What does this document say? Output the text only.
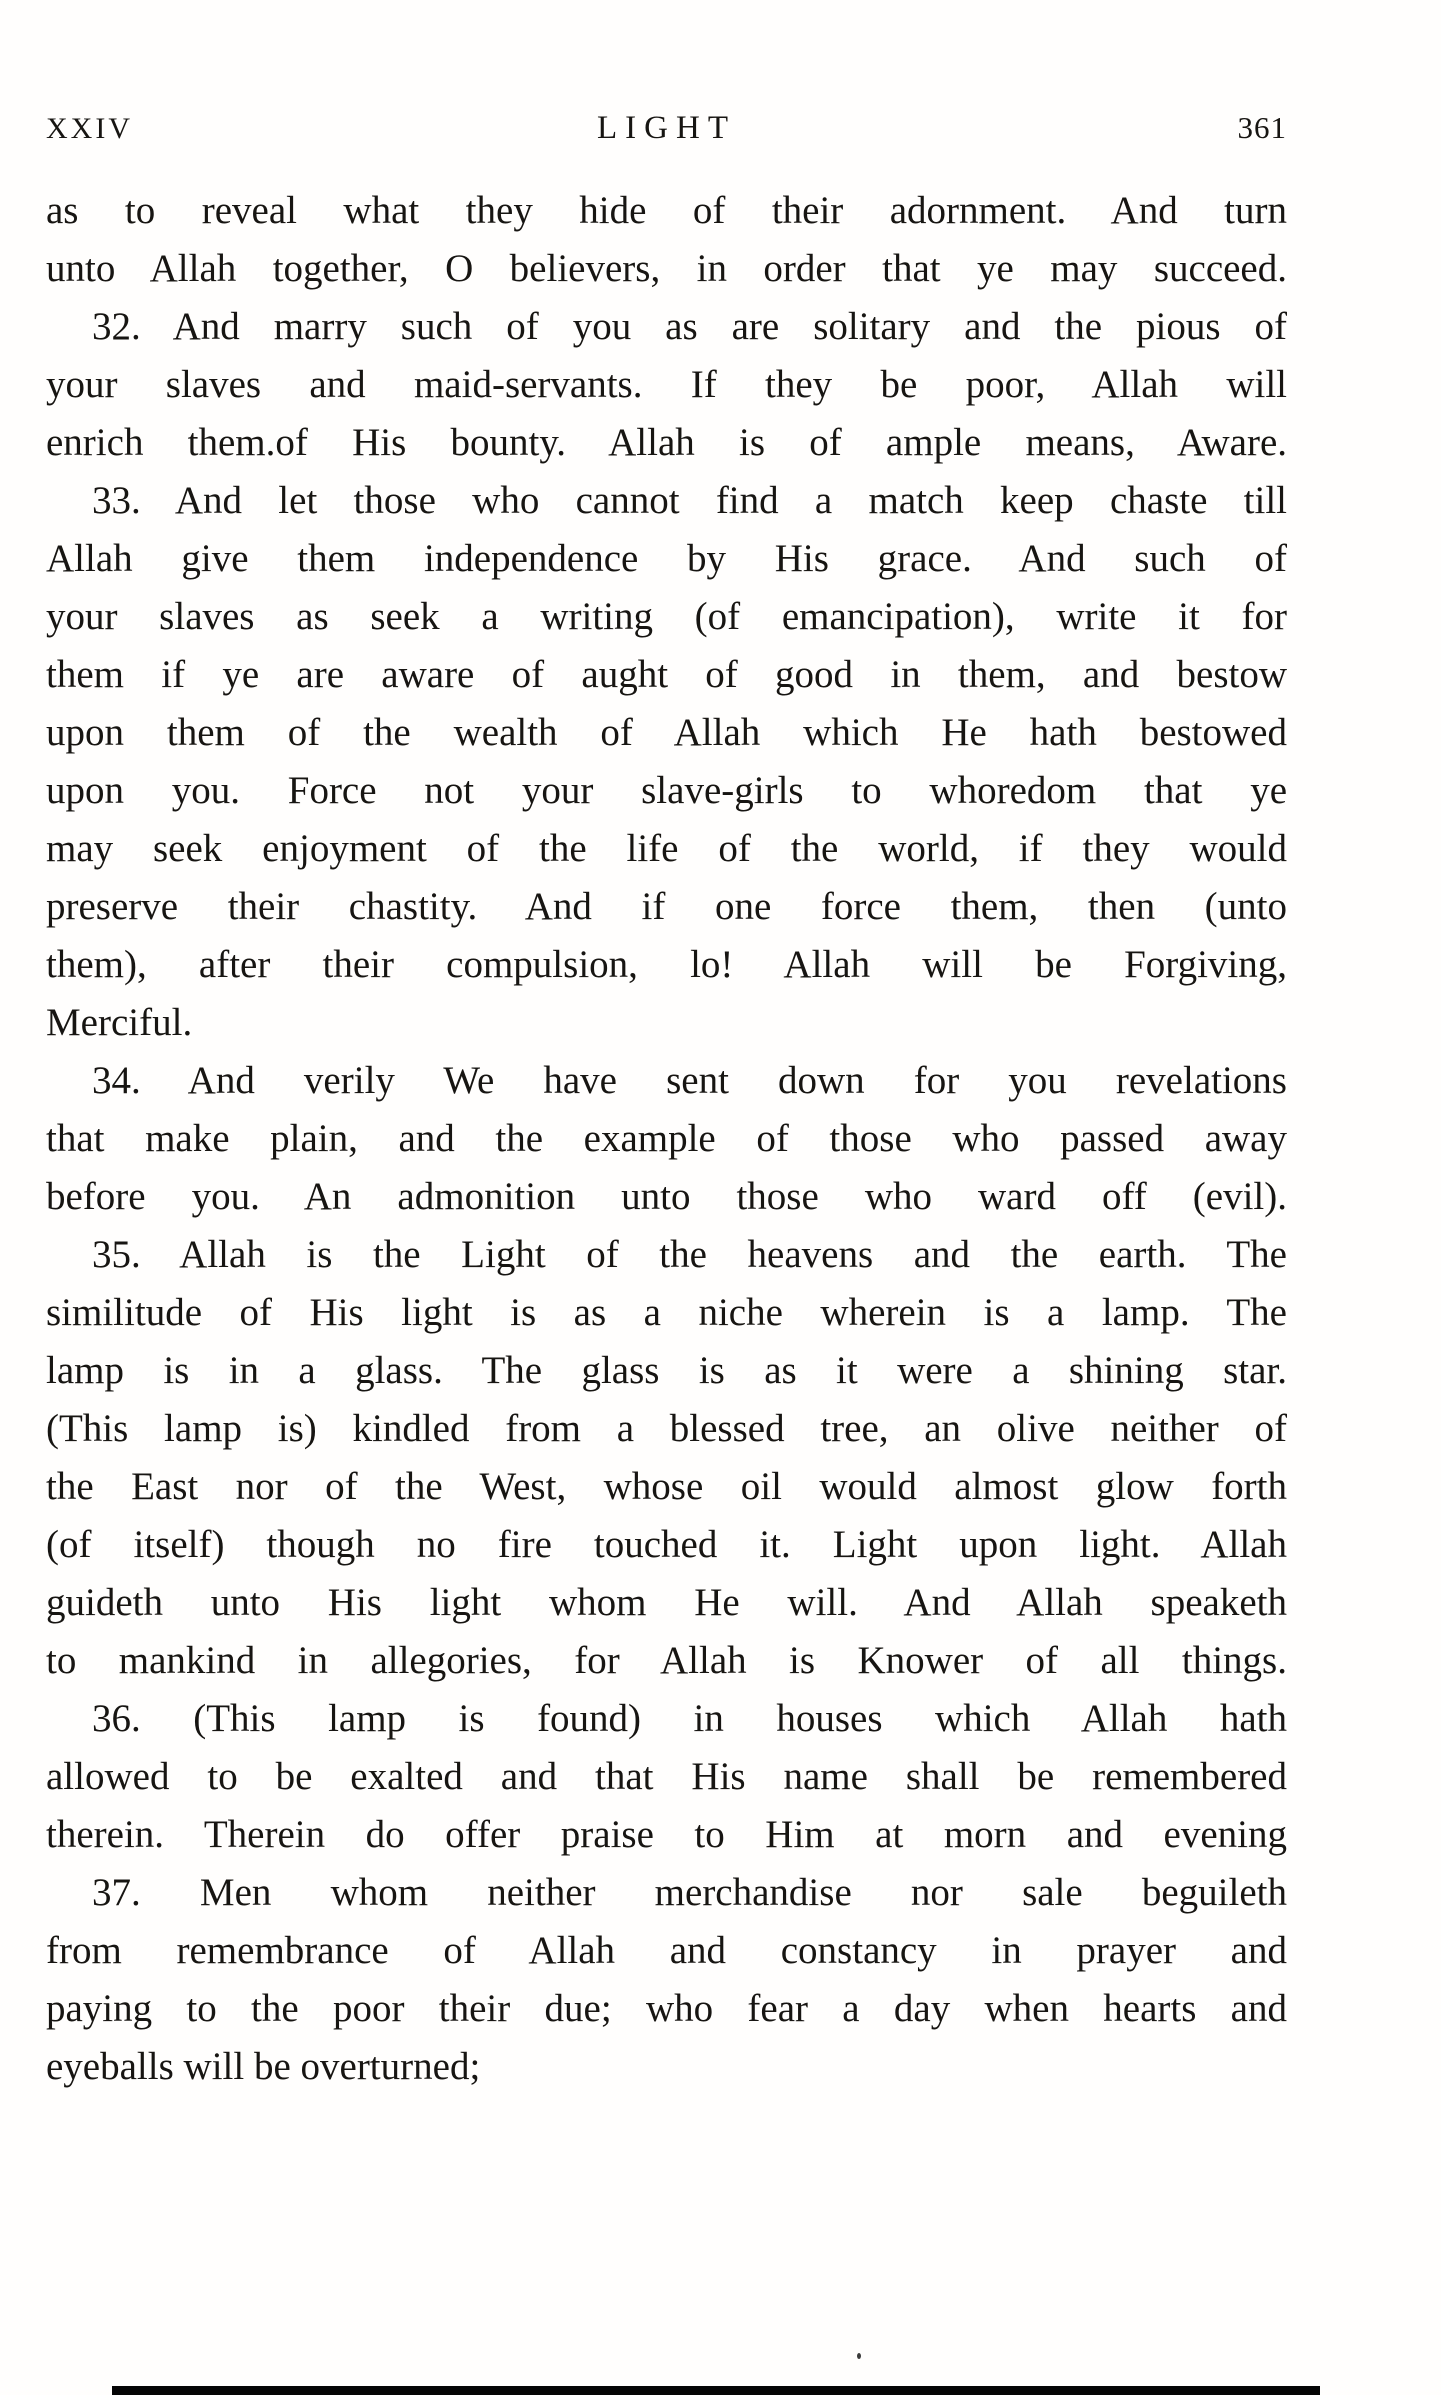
XXIV	LIGHT	361
as to reveal what they hide of their adornment. And turn
unto Allah together, O believers, in order that ye may succeed.
32. And marry such of you as are solitary and the pious of
your slaves and maid-servants. If they be poor, Allah will
enrich them.of His bounty. Allah is of ample means, Aware.
33. And let those who cannot find a match keep chaste till
Allah give them independence by His grace. And such of
your slaves as seek a writing (of emancipation), write it for
them if ye are aware of aught of good in them, and bestow
upon them of the wealth of Allah which He hath bestowed
upon you. Force not your slave-girls to whoredom that ye
may seek enjoyment of the life of the world, if they would
preserve their chastity. And if one force them, then (unto
them), after their compulsion, lo! Allah will be Forgiving,
Merciful.
34. And verily We have sent down for you revelations
that make plain, and the example of those who passed away
before you. An admonition unto those who ward off (evil).
35. Allah is the Light of the heavens and the earth. The
similitude of His light is as a niche wherein is a lamp. The
lamp is in a glass. The glass is as it were a shining star.
(This lamp is) kindled from a blessed tree, an olive neither of
the East nor of the West, whose oil would almost glow forth
(of itself) though no fire touched it. Light upon light. Allah
guideth unto His light whom He will. And Allah speaketh
to mankind in allegories, for Allah is Knower of all things.
36. (This lamp is found) in houses which Allah hath
allowed to be exalted and that His name shall be remembered
therein. Therein do offer praise to Him at morn and evening
37. Men whom neither merchandise nor sale beguileth
from remembrance of Allah and constancy in prayer and
paying to the poor their due; who fear a day when hearts and
eyeballs will be overturned;
